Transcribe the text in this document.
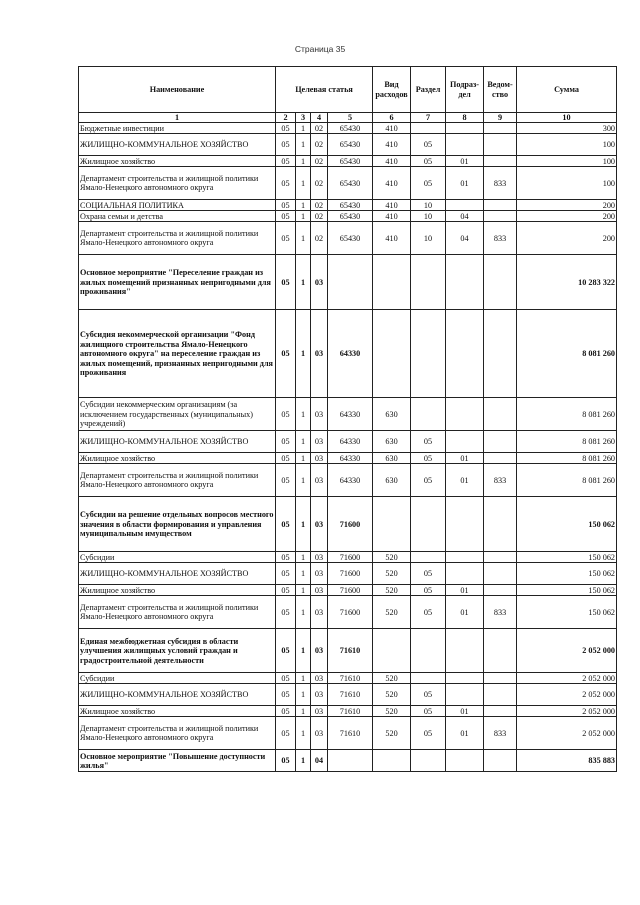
Страница 35
Наименование	Целевая статья				Вид расходов	Раздел	Подраз-дел	Ведом-ство	Сумма
1	2	3	4	5	6	7	8	9	10
Бюджетные инвестиции	05	1	02	65430	410				300
ЖИЛИЩНО-КОММУНАЛЬНОЕ ХОЗЯЙСТВО	05	1	02	65430	410	05			100
Жилищное хозяйство	05	1	02	65430	410	05	01		100
Департамент строительства и жилищной политики Ямало-Ненецкого автономного округа	05	1	02	65430	410	05	01	833	100
СОЦИАЛЬНАЯ ПОЛИТИКА	05	1	02	65430	410	10			200
Охрана семьи и детства	05	1	02	65430	410	10	04		200
Департамент строительства и жилищной политики Ямало-Ненецкого автономного округа	05	1	02	65430	410	10	04	833	200
Основное мероприятие "Переселение граждан из жилых помещений признанных непригодными для проживания"	05	1	03						10 283 322
Субсидия некоммерческой организации "Фонд жилищного строительства Ямало-Ненецкого автономного округа" на переселение граждан из жилых помещений, признанных непригодными для проживания	05	1	03	64330					8 081 260
Субсидии некоммерческим организациям (за исключением государственных (муниципальных) учреждений)	05	1	03	64330	630				8 081 260
ЖИЛИЩНО-КОММУНАЛЬНОЕ ХОЗЯЙСТВО	05	1	03	64330	630	05			8 081 260
Жилищное хозяйство	05	1	03	64330	630	05	01		8 081 260
Департамент строительства и жилищной политики Ямало-Ненецкого автономного округа	05	1	03	64330	630	05	01	833	8 081 260
Субсидии на решение отдельных вопросов местного значения в области формирования и управления муниципальным имуществом	05	1	03	71600					150 062
Субсидии	05	1	03	71600	520				150 062
ЖИЛИЩНО-КОММУНАЛЬНОЕ ХОЗЯЙСТВО	05	1	03	71600	520	05			150 062
Жилищное хозяйство	05	1	03	71600	520	05	01		150 062
Департамент строительства и жилищной политики Ямало-Ненецкого автономного округа	05	1	03	71600	520	05	01	833	150 062
Единая межбюджетная субсидия в области улучшения жилищных условий граждан и градостроительной деятельности	05	1	03	71610					2 052 000
Субсидии	05	1	03	71610	520				2 052 000
ЖИЛИЩНО-КОММУНАЛЬНОЕ ХОЗЯЙСТВО	05	1	03	71610	520	05			2 052 000
Жилищное хозяйство	05	1	03	71610	520	05	01		2 052 000
Департамент строительства и жилищной политики Ямало-Ненецкого автономного округа	05	1	03	71610	520	05	01	833	2 052 000
Основное мероприятие "Повышение доступности жилья"	05	1	04						835 883
